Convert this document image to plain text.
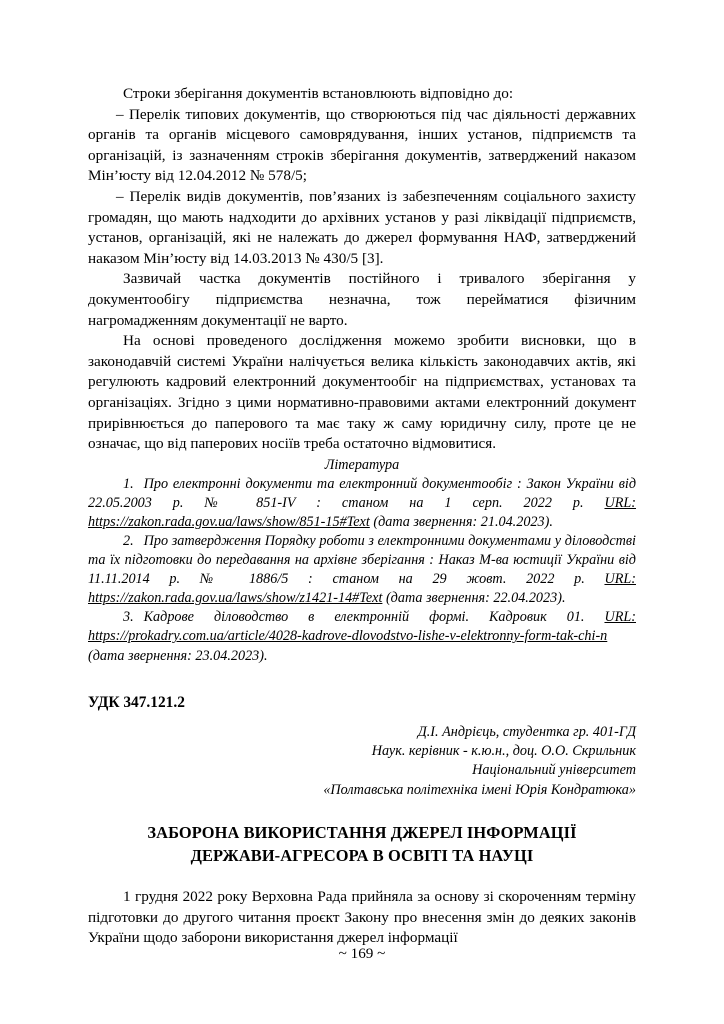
Строки зберігання документів встановлюють відповідно до:

– Перелік типових документів, що створюються під час діяльності державних органів та органів місцевого самоврядування, інших установ, підприємств та організацій, із зазначенням строків зберігання документів, затверджений наказом Мін’юсту від 12.04.2012 № 578/5;

– Перелік видів документів, пов’язаних із забезпеченням соціального захисту громадян, що мають надходити до архівних установ у разі ліквідації підприємств, установ, організацій, які не належать до джерел формування НАФ, затверджений наказом Мін’юсту від 14.03.2013 № 430/5 [3].

Зазвичай частка документів постійного і тривалого зберігання у документообігу підприємства незначна, тож перейматися фізичним нагромадженням документації не варто.

На основі проведеного дослідження можемо зробити висновки, що в законодавчій системі України налічується велика кількість законодавчих актів, які регулюють кадровий електронний документообіг на підприємствах, установах та організаціях. Згідно з цими нормативно-правовими актами електронний документ прирівнюється до паперового та має таку ж саму юридичну силу, проте це не означає, що від паперових носіїв треба остаточно відмовитися.

Література

1. Про електронні документи та електронний документообіг : Закон України від 22.05.2003 р. № 851-IV : станом на 1 серп. 2022 р. URL: https://zakon.rada.gov.ua/laws/show/851-15#Text (дата звернення: 21.04.2023).

2. Про затвердження Порядку роботи з електронними документами у діловодстві та їх підготовки до передавання на архівне зберігання : Наказ М-ва юстиції України від 11.11.2014 р. № 1886/5 : станом на 29 жовт. 2022 р. URL: https://zakon.rada.gov.ua/laws/show/z1421-14#Text (дата звернення: 22.04.2023).

3. Кадрове діловодство в електронній формі. Кадровик 01. URL: https://prokadry.com.ua/article/4028-kadrove-dlovodstvo-lishe-v-elektronny-form-tak-chi-n (дата звернення: 23.04.2023).

УДК 347.121.2

Д.І. Андрієць, студентка гр. 401-ГД

Наук. керівник - к.ю.н., доц. О.О. Скрильник

Національний університет

«Полтавська політехніка імені Юрія Кондратюка»

ЗАБОРОНА ВИКОРИСТАННЯ ДЖЕРЕЛ ІНФОРМАЦІЇ

ДЕРЖАВИ-АГРЕСОРА В ОСВІТІ ТА НАУЦІ

1 грудня 2022 року Верховна Рада прийняла за основу зі скороченням терміну підготовки до другого читання проєкт Закону про внесення змін до деяких законів України щодо заборони використання джерел інформації

~ 169 ~
